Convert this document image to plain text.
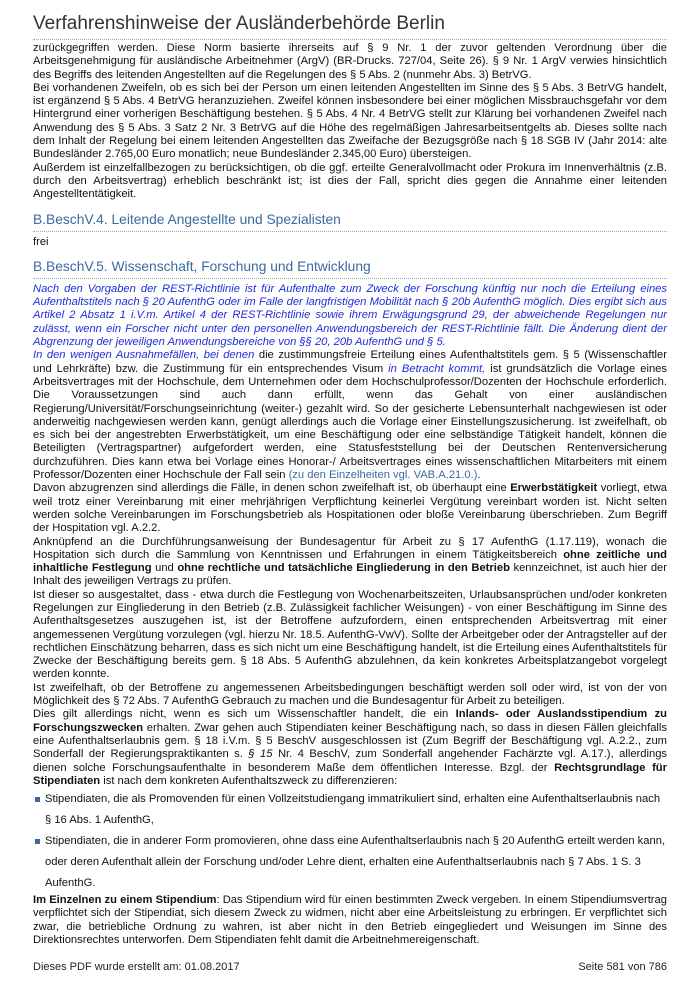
Verfahrenshinweise der Ausländerbehörde Berlin

zurückgegriffen werden. Diese Norm basierte ihrerseits auf § 9 Nr. 1 der zuvor geltenden Verordnung über die Arbeitsgenehmigung für ausländische Arbeitnehmer (ArgV) (BR-Drucks. 727/04, Seite 26). § 9 Nr. 1 ArgV verwies hinsichtlich des Begriffs des leitenden Angestellten auf die Regelungen des § 5 Abs. 2 (nunmehr Abs. 3) BetrVG.

Bei vorhandenen Zweifeln, ob es sich bei der Person um einen leitenden Angestellten im Sinne des § 5 Abs. 3 BetrVG handelt, ist ergänzend § 5 Abs. 4 BetrVG heranzuziehen. Zweifel können insbesondere bei einer möglichen Missbrauchsgefahr vor dem Hintergrund einer vorherigen Beschäftigung bestehen. § 5 Abs. 4 Nr. 4 BetrVG stellt zur Klärung bei vorhandenen Zweifel nach Anwendung des § 5 Abs. 3 Satz 2 Nr. 3 BetrVG auf die Höhe des regelmäßigen Jahresarbeitsentgelts ab. Dieses sollte nach dem Inhalt der Regelung bei einem leitenden Angestellten das Zweifache der Bezugsgröße nach § 18 SGB IV (Jahr 2014: alte Bundesländer 2.765,00 Euro monatlich; neue Bundesländer 2.345,00 Euro) übersteigen.

Außerdem ist einzelfallbezogen zu berücksichtigen, ob die ggf. erteilte Generalvollmacht oder Prokura im Innenverhältnis (z.B. durch den Arbeitsvertrag) erheblich beschränkt ist; ist dies der Fall, spricht dies gegen die Annahme einer leitenden Angestelltentätigkeit.

B.BeschV.4. Leitende Angestellte und Spezialisten

frei

B.BeschV.5. Wissenschaft, Forschung und Entwicklung

Nach den Vorgaben der REST-Richtlinie ist für Aufenthalte zum Zweck der Forschung künftig nur noch die Erteilung eines Aufenthaltstitels nach § 20 AufenthG oder im Falle der langfristigen Mobilität nach § 20b AufenthG möglich. Dies ergibt sich aus Artikel 2 Absatz 1 i.V.m. Artikel 4 der REST-Richtlinie sowie ihrem Erwägungsgrund 29, der abweichende Regelungen nur zulässt, wenn ein Forscher nicht unter den personellen Anwendungsbereich der REST-Richtlinie fällt. Die Änderung dient der Abgrenzung der jeweiligen Anwendungsbereiche von §§ 20, 20b AufenthG und § 5.

In den wenigen Ausnahmefällen, bei denen die zustimmungsfreie Erteilung eines Aufenthaltstitels gem. § 5 (Wissenschaftler und Lehrkräfte) bzw. die Zustimmung für ein entsprechendes Visum in Betracht kommt, ist grundsätzlich die Vorlage eines Arbeitsvertrages mit der Hochschule, dem Unternehmen oder dem Hochschulprofessor/Dozenten der Hochschule erforderlich. Die Voraussetzungen sind auch dann erfüllt, wenn das Gehalt von einer ausländischen Regierung/Universität/Forschungseinrichtung (weiter-) gezahlt wird. So der gesicherte Lebensunterhalt nachgewiesen ist oder anderweitig nachgewiesen werden kann, genügt allerdings auch die Vorlage einer Einstellungszusicherung. Ist zweifelhaft, ob es sich bei der angestrebten Erwerbstätigkeit, um eine Beschäftigung oder eine selbständige Tätigkeit handelt, können die Beteiligten (Vertragspartner) aufgefordert werden, eine Statusfeststellung bei der Deutschen Rentenversicherung durchzuführen. Dies kann etwa bei Vorlage eines Honorar-/ Arbeitsvertrages eines wissenschaftlichen Mitarbeiters mit einem Professor/Dozenten einer Hochschule der Fall sein (zu den Einzelheiten vgl. VAB.A.21.0.).

Davon abzugrenzen sind allerdings die Fälle, in denen schon zweifelhaft ist, ob überhaupt eine Erwerbstätigkeit vorliegt, etwa weil trotz einer Vereinbarung mit einer mehrjährigen Verpflichtung keinerlei Vergütung vereinbart worden ist. Nicht selten werden solche Vereinbarungen im Forschungsbetrieb als Hospitationen oder bloße Vereinbarung überschrieben. Zum Begriff der Hospitation vgl. A.2.2.

Anknüpfend an die Durchführungsanweisung der Bundesagentur für Arbeit zu § 17 AufenthG (1.17.119), wonach die Hospitation sich durch die Sammlung von Kenntnissen und Erfahrungen in einem Tätigkeitsbereich ohne zeitliche und inhaltliche Festlegung und ohne rechtliche und tatsächliche Eingliederung in den Betrieb kennzeichnet, ist auch hier der Inhalt des jeweiligen Vertrags zu prüfen.

Ist dieser so ausgestaltet, dass - etwa durch die Festlegung von Wochenarbeitszeiten, Urlaubsansprüchen und/oder konkreten Regelungen zur Eingliederung in den Betrieb (z.B. Zulässigkeit fachlicher Weisungen) - von einer Beschäftigung im Sinne des Aufenthaltsgesetzes auszugehen ist, ist der Betroffene aufzufordern, einen entsprechenden Arbeitsvertrag mit einer angemessenen Vergütung vorzulegen (vgl. hierzu Nr. 18.5. AufenthG-VwV). Sollte der Arbeitgeber oder der Antragsteller auf der rechtlichen Einschätzung beharren, dass es sich nicht um eine Beschäftigung handelt, ist die Erteilung eines Aufenthaltstitels für Zwecke der Beschäftigung bereits gem. § 18 Abs. 5 AufenthG abzulehnen, da kein konkretes Arbeitsplatzangebot vorgelegt werden konnte.

Ist zweifelhaft, ob der Betroffene zu angemessenen Arbeitsbedingungen beschäftigt werden soll oder wird, ist von der von Möglichkeit des § 72 Abs. 7 AufenthG Gebrauch zu machen und die Bundesagentur für Arbeit zu beteiligen.

Dies gilt allerdings nicht, wenn es sich um Wissenschaftler handelt, die ein Inlands- oder Auslandsstipendium zu Forschungszwecken erhalten. Zwar gehen auch Stipendiaten keiner Beschäftigung nach, so dass in diesen Fällen gleichfalls eine Aufenthaltserlaubnis gem. § 18 i.V.m. § 5 BeschV ausgeschlossen ist (Zum Begriff der Beschäftigung vgl. A.2.2., zum Sonderfall der Regierungspraktikanten s. § 15 Nr. 4 BeschV, zum Sonderfall angehender Fachärzte vgl. A.17.), allerdings dienen solche Forschungsaufenthalte in besonderem Maße dem öffentlichen Interesse. Bzgl. der Rechtsgrundlage für Stipendiaten ist nach dem konkreten Aufenthaltszweck zu differenzieren:

Stipendiaten, die als Promovenden für einen Vollzeitstudiengang immatrikuliert sind, erhalten eine Aufenthaltserlaubnis nach § 16 Abs. 1 AufenthG,
Stipendiaten, die in anderer Form promovieren, ohne dass eine Aufenthaltserlaubnis nach § 20 AufenthG erteilt werden kann, oder deren Aufenthalt allein der Forschung und/oder Lehre dient, erhalten eine Aufenthaltserlaubnis nach § 7 Abs. 1 S. 3 AufenthG.

Im Einzelnen zu einem Stipendium: Das Stipendium wird für einen bestimmten Zweck vergeben. In einem Stipendiumsvertrag verpflichtet sich der Stipendiat, sich diesem Zweck zu widmen, nicht aber eine Arbeitsleistung zu erbringen. Er verpflichtet sich zwar, die betriebliche Ordnung zu wahren, ist aber nicht in den Betrieb eingegliedert und Weisungen im Sinne des Direktionsrechtes unterworfen. Dem Stipendiaten fehlt damit die Arbeitnehmereigenschaft.

Dieses PDF wurde erstellt am: 01.08.2017	Seite 581 von 786
